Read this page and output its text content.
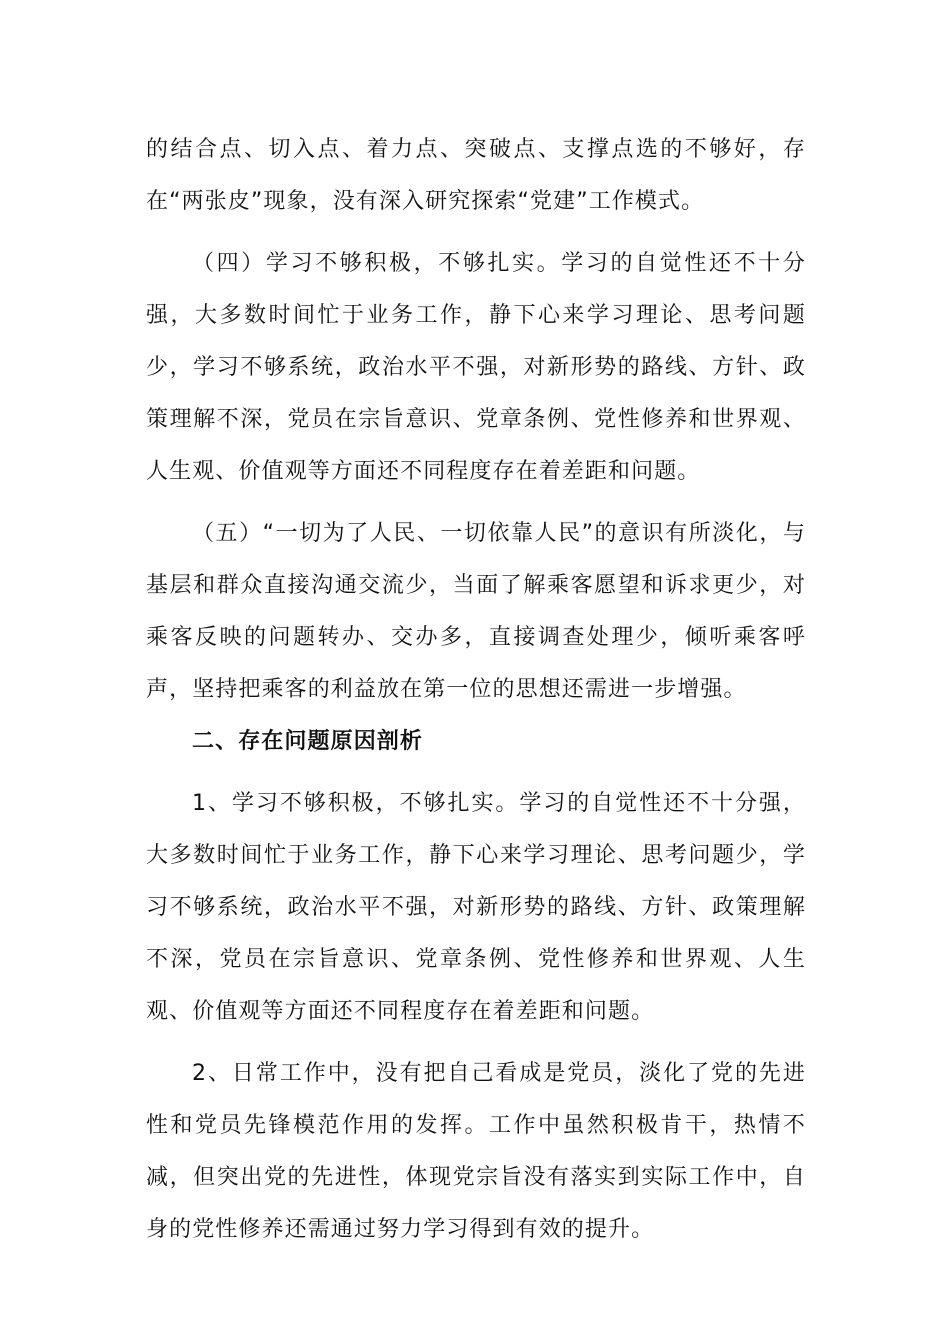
的结合点、切入点、着力点、突破点、支撑点选的不够好，存在“两张皮”现象，没有深入研究探索“党建”工作模式。

（四）学习不够积极，不够扎实。学习的自觉性还不十分强，大多数时间忙于业务工作，静下心来学习理论、思考问题少，学习不够系统，政治水平不强，对新形势的路线、方针、政策理解不深，党员在宗旨意识、党章条例、党性修养和世界观、人生观、价值观等方面还不同程度存在着差距和问题。

（五）“一切为了人民、一切依靠人民”的意识有所淡化，与基层和群众直接沟通交流少，当面了解乘客愿望和诉求更少，对乘客反映的问题转办、交办多，直接调查处理少，倾听乘客呼声，坚持把乘客的利益放在第一位的思想还需进一步增强。

二、存在问题原因剖析

1、学习不够积极，不够扎实。学习的自觉性还不十分强，大多数时间忙于业务工作，静下心来学习理论、思考问题少，学习不够系统，政治水平不强，对新形势的路线、方针、政策理解不深，党员在宗旨意识、党章条例、党性修养和世界观、人生观、价值观等方面还不同程度存在着差距和问题。

2、日常工作中，没有把自己看成是党员，淡化了党的先进性和党员先锋模范作用的发挥。工作中虽然积极肯干，热情不减，但突出党的先进性，体现党宗旨没有落实到实际工作中，自身的党性修养还需通过努力学习得到有效的提升。
